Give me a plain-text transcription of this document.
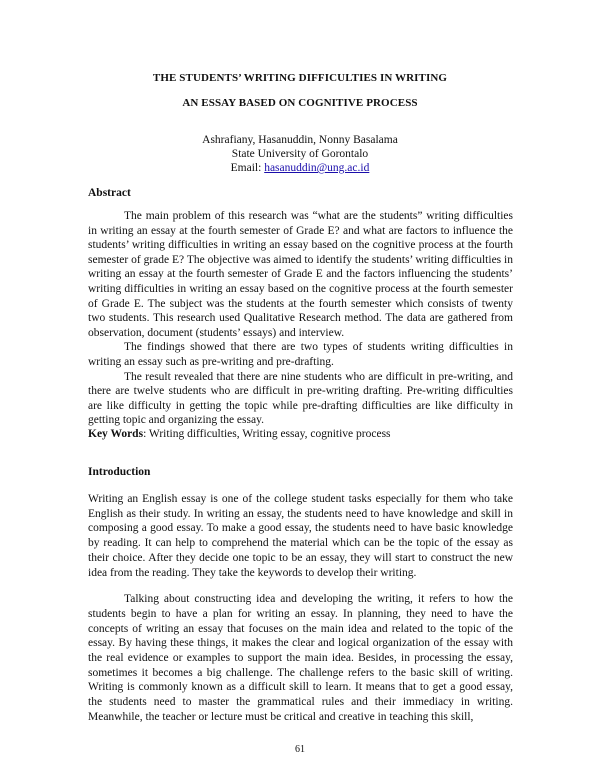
THE STUDENTS’ WRITING DIFFICULTIES IN WRITING
AN ESSAY BASED ON COGNITIVE PROCESS
Ashrafiany, Hasanuddin, Nonny Basalama
State University of Gorontalo
Email: hasanuddin@ung.ac.id
Abstract

The main problem of this research was “what are the students” writing difficulties in writing an essay at the fourth semester of Grade E? and what are factors to influence the students’ writing difficulties in writing an essay based on the cognitive process at the fourth semester of grade E? The objective was aimed to identify the students’ writing difficulties in writing an essay at the fourth semester of Grade E and the factors influencing the students’ writing difficulties in writing an essay based on the cognitive process at the fourth semester of Grade E. The subject was the students at the fourth semester which consists of twenty two students. This research used Qualitative Research method. The data are gathered from observation, document (students’ essays) and interview.

The findings showed that there are two types of students writing difficulties in writing an essay such as pre-writing and pre-drafting.

The result revealed that there are nine students who are difficult in pre-writing, and there are twelve students who are difficult in pre-writing drafting. Pre-writing difficulties are like difficulty in getting the topic while pre-drafting difficulties are like difficulty in getting topic and organizing the essay.

Key Words: Writing difficulties, Writing essay, cognitive process
Introduction

Writing an English essay is one of the college student tasks especially for them who take English as their study. In writing an essay, the students need to have knowledge and skill in composing a good essay. To make a good essay, the students need to have basic knowledge by reading. It can help to comprehend the material which can be the topic of the essay as their choice. After they decide one topic to be an essay, they will start to construct the new idea from the reading. They take the keywords to develop their writing.

Talking about constructing idea and developing the writing, it refers to how the students begin to have a plan for writing an essay. In planning, they need to have the concepts of writing an essay that focuses on the main idea and related to the topic of the essay. By having these things, it makes the clear and logical organization of the essay with the real evidence or examples to support the main idea. Besides, in processing the essay, sometimes it becomes a big challenge. The challenge refers to the basic skill of writing. Writing is commonly known as a difficult skill to learn. It means that to get a good essay, the students need to master the grammatical rules and their immediacy in writing. Meanwhile, the teacher or lecture must be critical and creative in teaching this skill,

61
